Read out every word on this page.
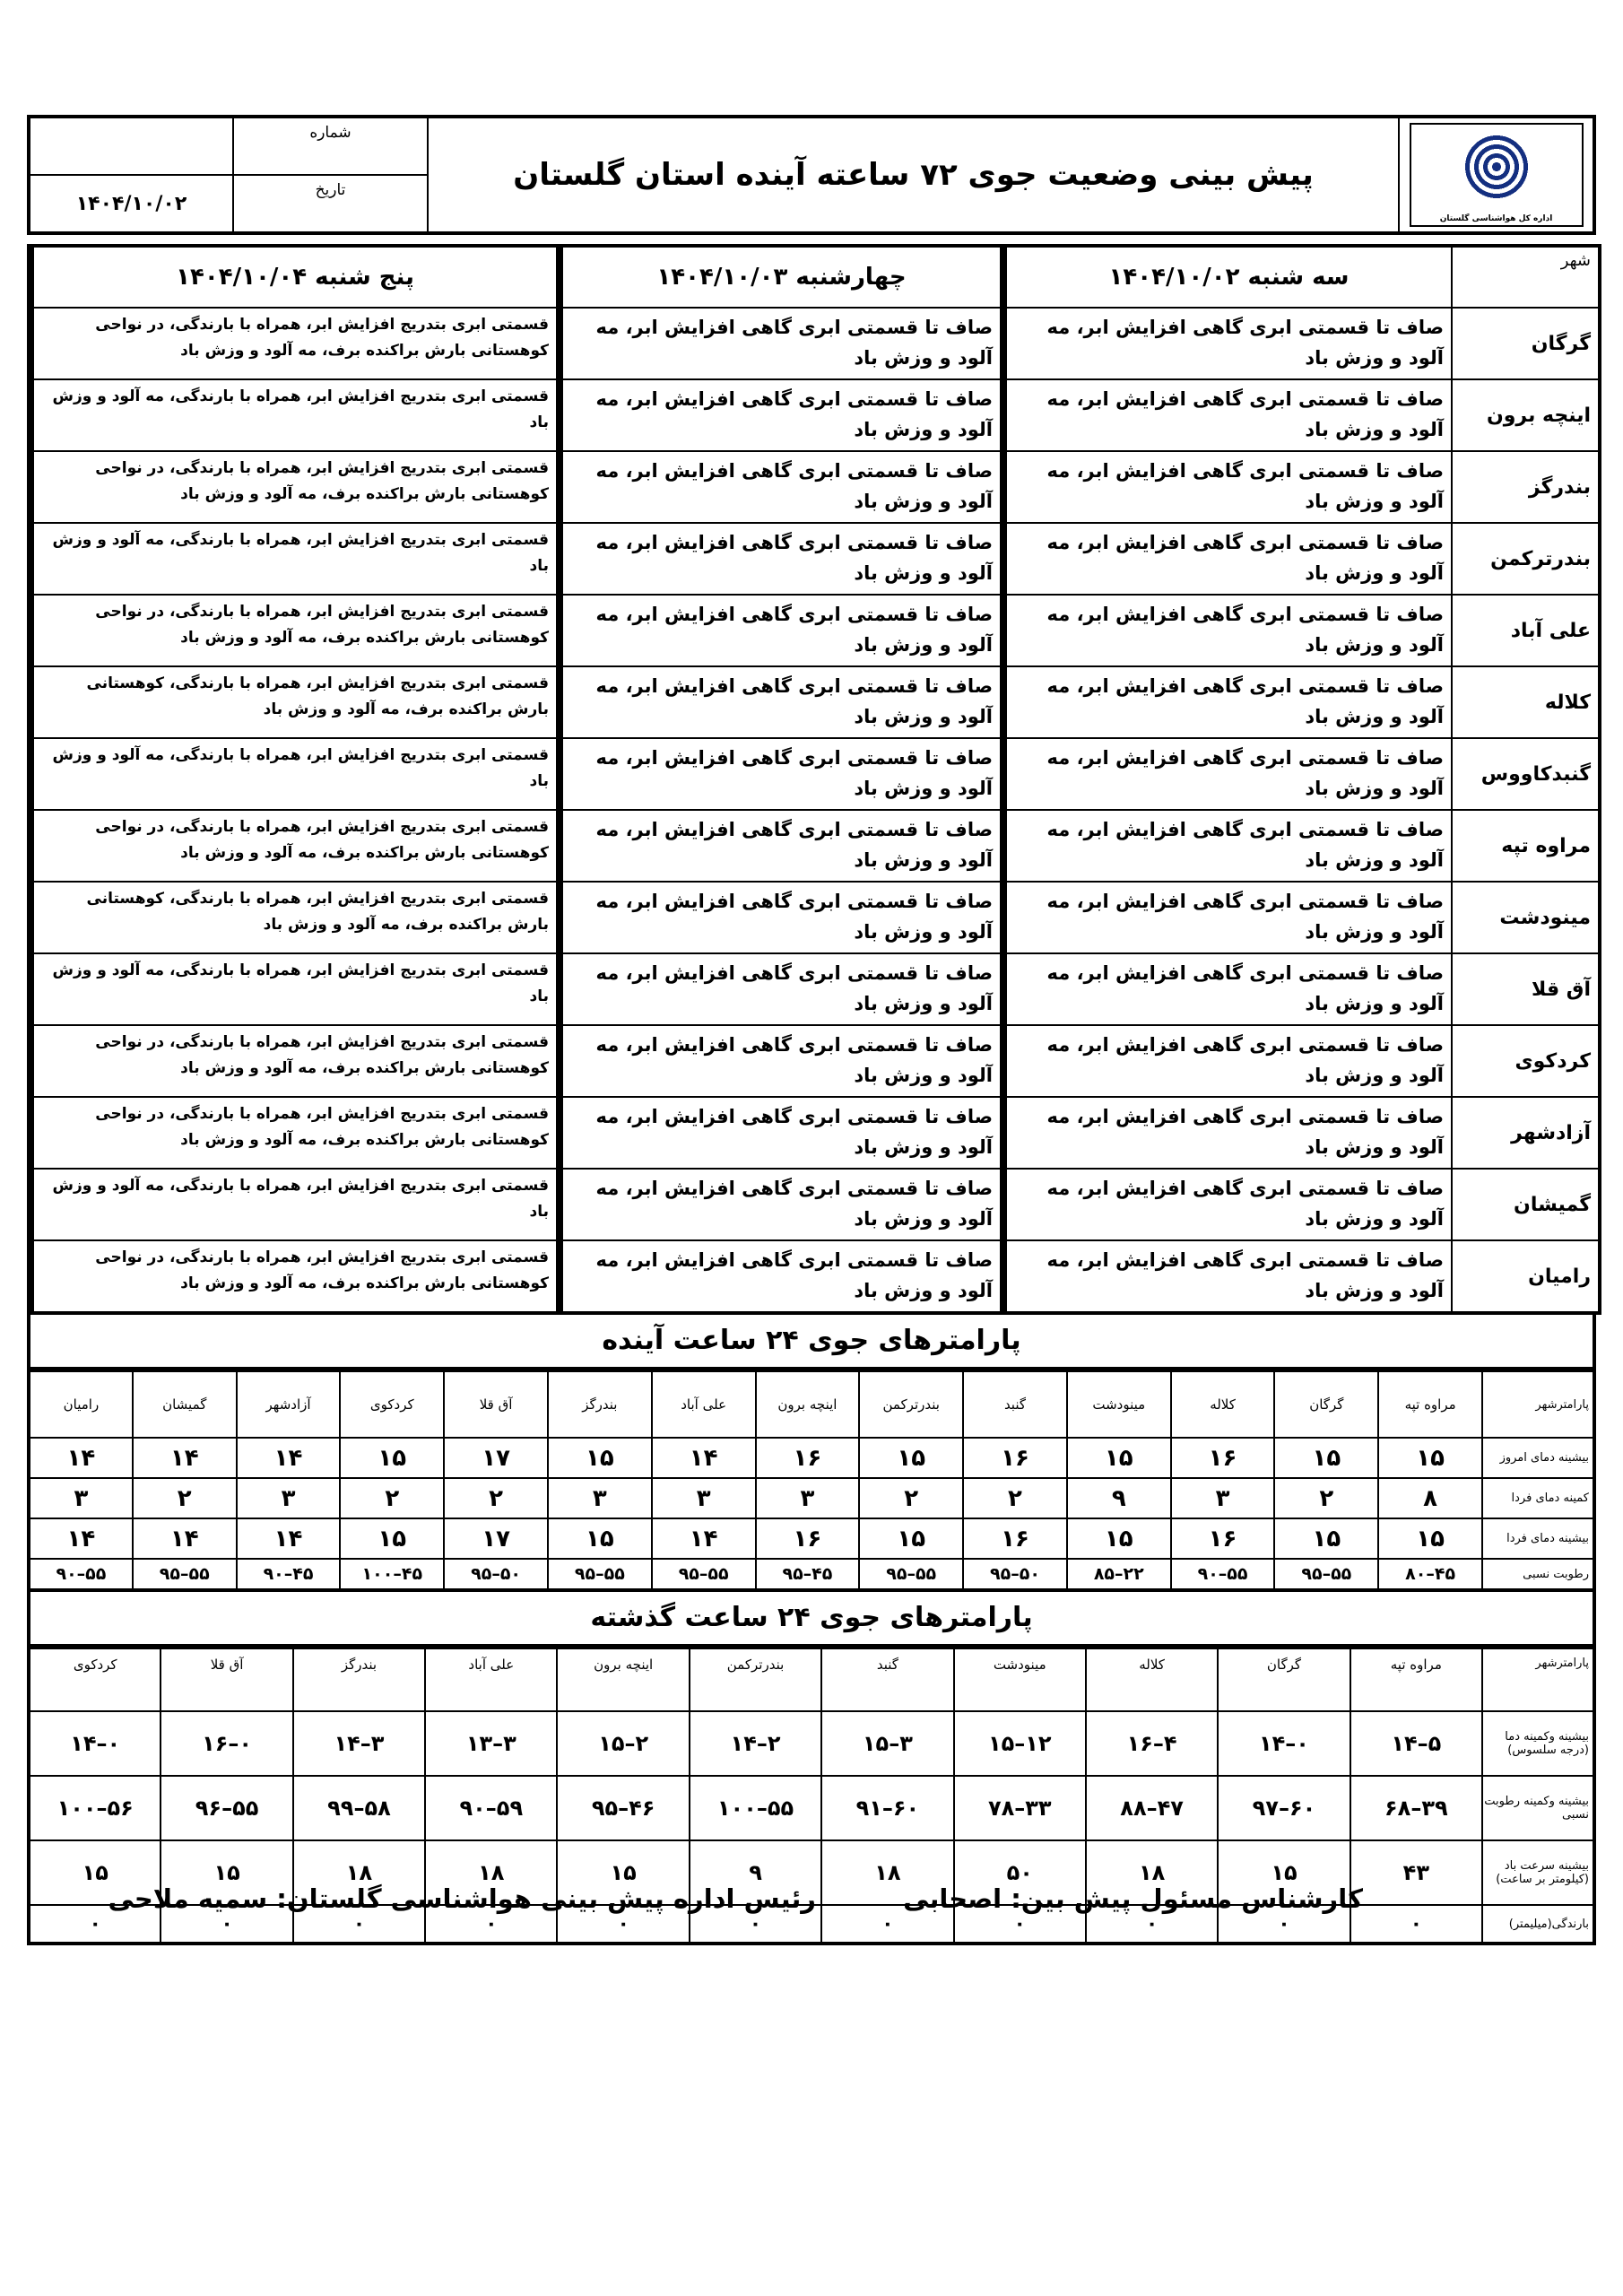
اداره کل هواشناسی گلستان	پیش بینی وضعیت جوی ۷۲ ساعته آینده استان گلستان	شماره	
		تاریخ	۱۴۰۴/۱۰/۰۲
شهر	سه شنبه ۱۴۰۴/۱۰/۰۲	چهارشنبه ۱۴۰۴/۱۰/۰۳	پنج شنبه ۱۴۰۴/۱۰/۰۴
گرگان	صاف تا قسمتی ابری گاهی افزایش ابر، مه آلود و وزش باد	صاف تا قسمتی ابری گاهی افزایش ابر، مه آلود و وزش باد	قسمتی ابری بتدریج افزایش ابر، همراه با بارندگی، در نواحی کوهستانی بارش براکنده برف، مه آلود و وزش باد
اینچه برون	صاف تا قسمتی ابری گاهی افزایش ابر، مه آلود و وزش باد	صاف تا قسمتی ابری گاهی افزایش ابر، مه آلود و وزش باد	قسمتی ابری بتدریج افزایش ابر، همراه با بارندگی، مه آلود و وزش باد
بندرگز	صاف تا قسمتی ابری گاهی افزایش ابر، مه آلود و وزش باد	صاف تا قسمتی ابری گاهی افزایش ابر، مه آلود و وزش باد	قسمتی ابری بتدریج افزایش ابر، همراه با بارندگی، در نواحی کوهستانی بارش براکنده برف، مه آلود و وزش باد
بندرترکمن	صاف تا قسمتی ابری گاهی افزایش ابر، مه آلود و وزش باد	صاف تا قسمتی ابری گاهی افزایش ابر، مه آلود و وزش باد	قسمتی ابری بتدریج افزایش ابر، همراه با بارندگی، مه آلود و وزش باد
علی آباد	صاف تا قسمتی ابری گاهی افزایش ابر، مه آلود و وزش باد	صاف تا قسمتی ابری گاهی افزایش ابر، مه آلود و وزش باد	قسمتی ابری بتدریج افزایش ابر، همراه با بارندگی، در نواحی کوهستانی بارش براکنده برف، مه آلود و وزش باد
کلاله	صاف تا قسمتی ابری گاهی افزایش ابر، مه آلود و وزش باد	صاف تا قسمتی ابری گاهی افزایش ابر، مه آلود و وزش باد	قسمتی ابری بتدریج افزایش ابر، همراه با بارندگی، کوهستانی بارش براکنده برف، مه آلود و وزش باد
گنبدکاووس	صاف تا قسمتی ابری گاهی افزایش ابر، مه آلود و وزش باد	صاف تا قسمتی ابری گاهی افزایش ابر، مه آلود و وزش باد	قسمتی ابری بتدریج افزایش ابر، همراه با بارندگی، مه آلود و وزش باد
مراوه تپه	صاف تا قسمتی ابری گاهی افزایش ابر، مه آلود و وزش باد	صاف تا قسمتی ابری گاهی افزایش ابر، مه آلود و وزش باد	قسمتی ابری بتدریج افزایش ابر، همراه با بارندگی، در نواحی کوهستانی بارش براکنده برف، مه آلود و وزش باد
مینودشت	صاف تا قسمتی ابری گاهی افزایش ابر، مه آلود و وزش باد	صاف تا قسمتی ابری گاهی افزایش ابر، مه آلود و وزش باد	قسمتی ابری بتدریج افزایش ابر، همراه با بارندگی، کوهستانی بارش براکنده برف، مه آلود و وزش باد
آق قلا	صاف تا قسمتی ابری گاهی افزایش ابر، مه آلود و وزش باد	صاف تا قسمتی ابری گاهی افزایش ابر، مه آلود و وزش باد	قسمتی ابری بتدریج افزایش ابر، همراه با بارندگی، مه آلود و وزش باد
کردکوی	صاف تا قسمتی ابری گاهی افزایش ابر، مه آلود و وزش باد	صاف تا قسمتی ابری گاهی افزایش ابر، مه آلود و وزش باد	قسمتی ابری بتدریج افزایش ابر، همراه با بارندگی، در نواحی کوهستانی بارش براکنده برف، مه آلود و وزش باد
آزادشهر	صاف تا قسمتی ابری گاهی افزایش ابر، مه آلود و وزش باد	صاف تا قسمتی ابری گاهی افزایش ابر، مه آلود و وزش باد	قسمتی ابری بتدریج افزایش ابر، همراه با بارندگی، در نواحی کوهستانی بارش براکنده برف، مه آلود و وزش باد
گمیشان	صاف تا قسمتی ابری گاهی افزایش ابر، مه آلود و وزش باد	صاف تا قسمتی ابری گاهی افزایش ابر، مه آلود و وزش باد	قسمتی ابری بتدریج افزایش ابر، همراه با بارندگی، مه آلود و وزش باد
رامیان	صاف تا قسمتی ابری گاهی افزایش ابر، مه آلود و وزش باد	صاف تا قسمتی ابری گاهی افزایش ابر، مه آلود و وزش باد	قسمتی ابری بتدریج افزایش ابر، همراه با بارندگی، در نواحی کوهستانی بارش براکنده برف، مه آلود و وزش باد
پارامترهای جوی ۲۴ ساعت آینده
پارامترشهر	مراوه تپه	گرگان	کلاله	مینودشت	گنبد	بندرترکمن	اینچه برون	علی آباد	بندرگز	آق قلا	کردکوی	آزادشهر	گمیشان	رامیان
بیشینه دمای امروز	۱۵	۱۵	۱۶	۱۵	۱۶	۱۵	۱۶	۱۴	۱۵	۱۷	۱۵	۱۴	۱۴	۱۴
کمینه دمای فردا	۸	۲	۳	۹	۲	۲	۳	۳	۳	۲	۲	۳	۲	۳
بیشینه دمای فردا	۱۵	۱۵	۱۶	۱۵	۱۶	۱۵	۱۶	۱۴	۱۵	۱۷	۱۵	۱۴	۱۴	۱۴
رطوبت نسبی	۴۵–۸۰	۵۵–۹۵	۵۵–۹۰	۲۲–۸۵	۵۰–۹۵	۵۵–۹۵	۴۵–۹۵	۵۵–۹۵	۵۵–۹۵	۵۰–۹۵	۴۵–۱۰۰	۴۵–۹۰	۵۵–۹۵	۵۵–۹۰
پارامترهای جوی ۲۴ ساعت گذشته
پارامترشهر	مراوه تپه	گرگان	کلاله	مینودشت	گنبد	بندرترکمن	اینچه برون	علی آباد	بندرگز	آق قلا	کردکوی
بیشینه وکمینه دما (درجه سلسوس)	۵–۱۴	۰–۱۴	۴–۱۶	۱۲–۱۵	۳–۱۵	۲–۱۴	۲–۱۵	۳–۱۳	۳–۱۴	۰–۱۶	۰–۱۴
بیشینه وکمینه رطوبت نسبی	۳۹–۶۸	۶۰–۹۷	۴۷–۸۸	۳۳–۷۸	۶۰–۹۱	۵۵–۱۰۰	۴۶–۹۵	۵۹–۹۰	۵۸–۹۹	۵۵–۹۶	۵۶–۱۰۰
بیشینه سرعت باد (کیلومتر بر ساعت)	۴۳	۱۵	۱۸	۵۰	۱۸	۹	۱۵	۱۸	۱۸	۱۵	۱۵
بارندگی(میلیمتر)	۰	۰	۰	۰	۰	۰	۰	۰	۰	۰	۰
کارشناس مسئول پیش بین: اصحابی
رئیس اداره پیش بینی هواشناسی گلستان: سمیه ملاحی
